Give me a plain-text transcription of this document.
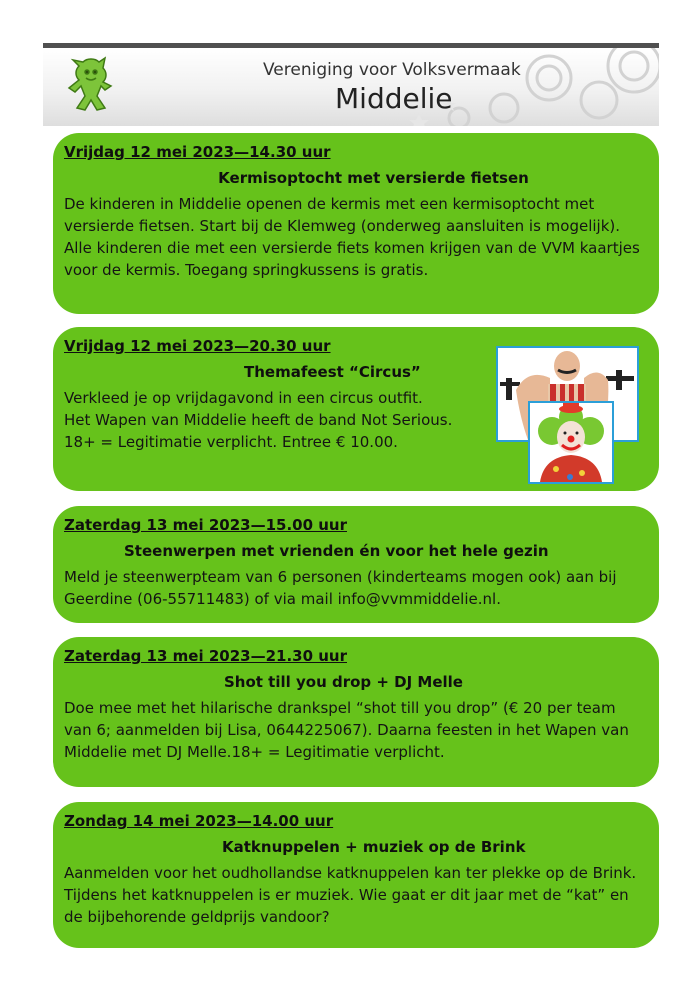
Vereniging voor Volksvermaak
Middelie
Vrijdag 12 mei 2023—14.30 uur
Kermisoptocht met versierde fietsen
De kinderen in Middelie openen de kermis met een kermisoptocht met versierde fietsen. Start bij de Klemweg (onderweg aansluiten is mogelijk). Alle kinderen die met een versierde fiets komen krijgen van de VVM kaartjes voor de kermis. Toegang springkussens is gratis.
Vrijdag 12 mei 2023—20.30 uur
Themafeest “Circus”
Verkleed je op vrijdagavond in een circus outfit.
Het Wapen van Middelie heeft de band Not Serious.
18+ = Legitimatie verplicht. Entree € 10.00.
Zaterdag 13 mei 2023—15.00 uur
Steenwerpen met vrienden én voor het hele gezin
Meld je steenwerpteam van 6 personen (kinderteams mogen ook) aan bij Geerdine (06-55711483) of via mail info@vvmmiddelie.nl.
Zaterdag 13 mei 2023—21.30 uur
Shot till you drop + DJ Melle
Doe mee met het hilarische drankspel “shot till you drop” (€ 20 per team van 6; aanmelden bij Lisa, 0644225067). Daarna feesten in het Wapen van Middelie met DJ Melle.18+ = Legitimatie verplicht.
Zondag 14 mei 2023—14.00 uur
Katknuppelen + muziek op de Brink
Aanmelden voor het oudhollandse katknuppelen kan ter plekke op de Brink. Tijdens het katknuppelen is er muziek. Wie gaat er dit jaar met de “kat” en de bijbehorende geldprijs vandoor?
